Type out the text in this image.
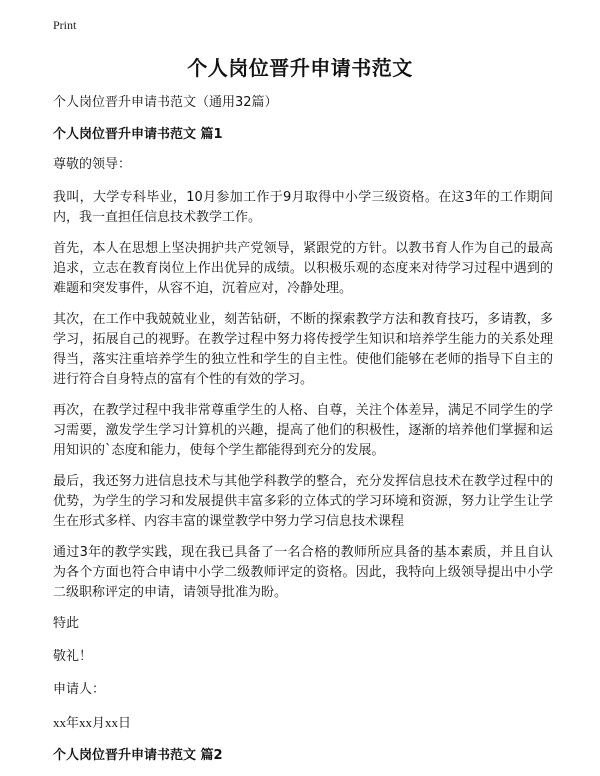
Print
个人岗位晋升申请书范文

个人岗位晋升申请书范文（通用32篇）

个人岗位晋升申请书范文 篇1

尊敬的领导：

我叫，大学专科毕业，10月参加工作于9月取得中小学三级资格。在这3年的工作期间内，我一直担任信息技术教学工作。

首先，本人在思想上坚决拥护共产党领导，紧跟党的方针。以教书育人作为自己的最高追求，立志在教育岗位上作出优异的成绩。以积极乐观的态度来对待学习过程中遇到的难题和突发事件，从容不迫，沉着应对，冷静处理。

其次，在工作中我兢兢业业，刻苦钻研，不断的探索教学方法和教育技巧，多请教，多学习，拓展自己的视野。在教学过程中努力将传授学生知识和培养学生能力的关系处理得当，落实注重培养学生的独立性和学生的自主性。使他们能够在老师的指导下自主的进行符合自身特点的富有个性的有效的学习。

再次，在教学过程中我非常尊重学生的人格、自尊，关注个体差异，满足不同学生的学习需要，激发学生学习计算机的兴趣，提高了他们的积极性，逐渐的培养他们掌握和运用知识的`态度和能力，使每个学生都能得到充分的发展。

最后，我还努力进信息技术与其他学科教学的整合，充分发挥信息技术在教学过程中的优势，为学生的学习和发展提供丰富多彩的立体式的学习环境和资源，努力让学生让学生在形式多样、内容丰富的课堂教学中努力学习信息技术课程

通过3年的教学实践，现在我已具备了一名合格的教师所应具备的基本素质，并且自认为各个方面也符合申请中小学二级教师评定的资格。因此，我特向上级领导提出中小学二级职称评定的申请，请领导批准为盼。

特此

敬礼！

申请人：

xx年xx月xx日

个人岗位晋升申请书范文 篇2
